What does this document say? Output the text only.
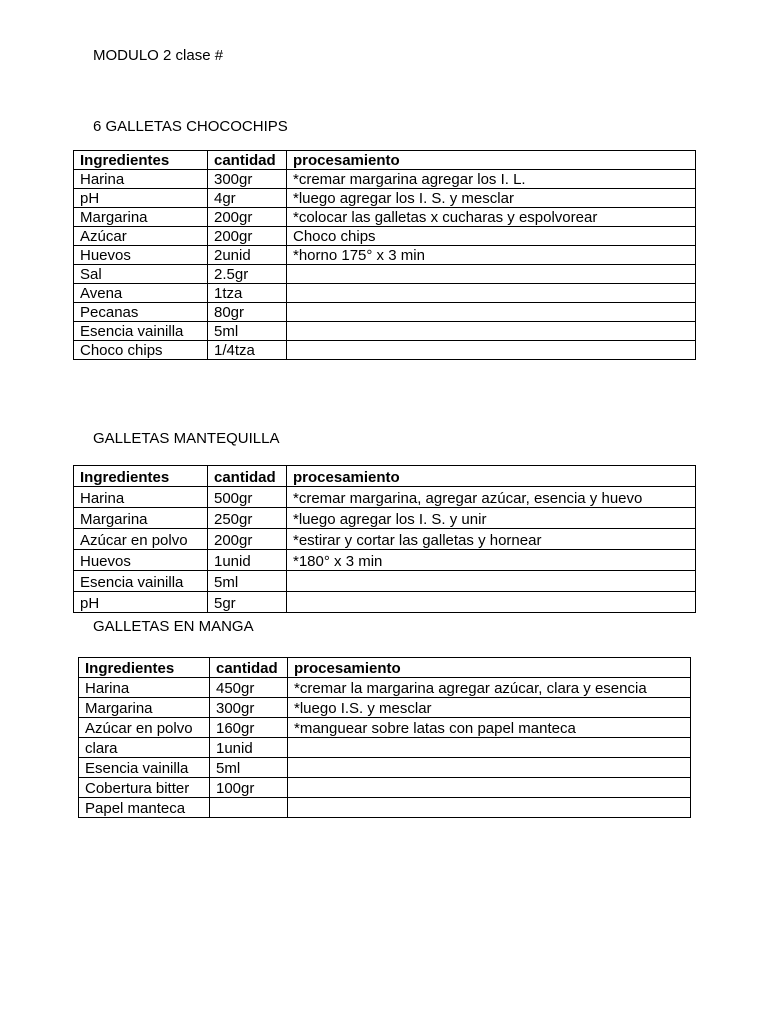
MODULO 2 clase #
6 GALLETAS CHOCOCHIPS
Ingredientes	cantidad	procesamiento
Harina	300gr	*cremar margarina agregar los I. L.
pH	4gr	*luego agregar los I. S. y mesclar
Margarina	200gr	*colocar las galletas x cucharas y espolvorear
Azúcar	200gr	Choco chips
Huevos	2unid	*horno 175° x 3 min
Sal	2.5gr	
Avena	1tza	
Pecanas	80gr	
Esencia vainilla	5ml	
Choco chips	1/4tza	
GALLETAS MANTEQUILLA
Ingredientes	cantidad	procesamiento
Harina	500gr	*cremar margarina, agregar azúcar, esencia y huevo
Margarina	250gr	*luego agregar los I. S. y unir
Azúcar en polvo	200gr	*estirar y cortar las galletas y hornear
Huevos	1unid	*180° x 3 min
Esencia vainilla	5ml	
pH	5gr	
GALLETAS EN MANGA
Ingredientes	cantidad	procesamiento
Harina	450gr	*cremar la margarina agregar azúcar, clara y esencia
Margarina	300gr	*luego I.S. y mesclar
Azúcar en polvo	160gr	*manguear sobre latas con papel manteca
clara	1unid	
Esencia vainilla	5ml	
Cobertura bitter	100gr	
Papel manteca		
